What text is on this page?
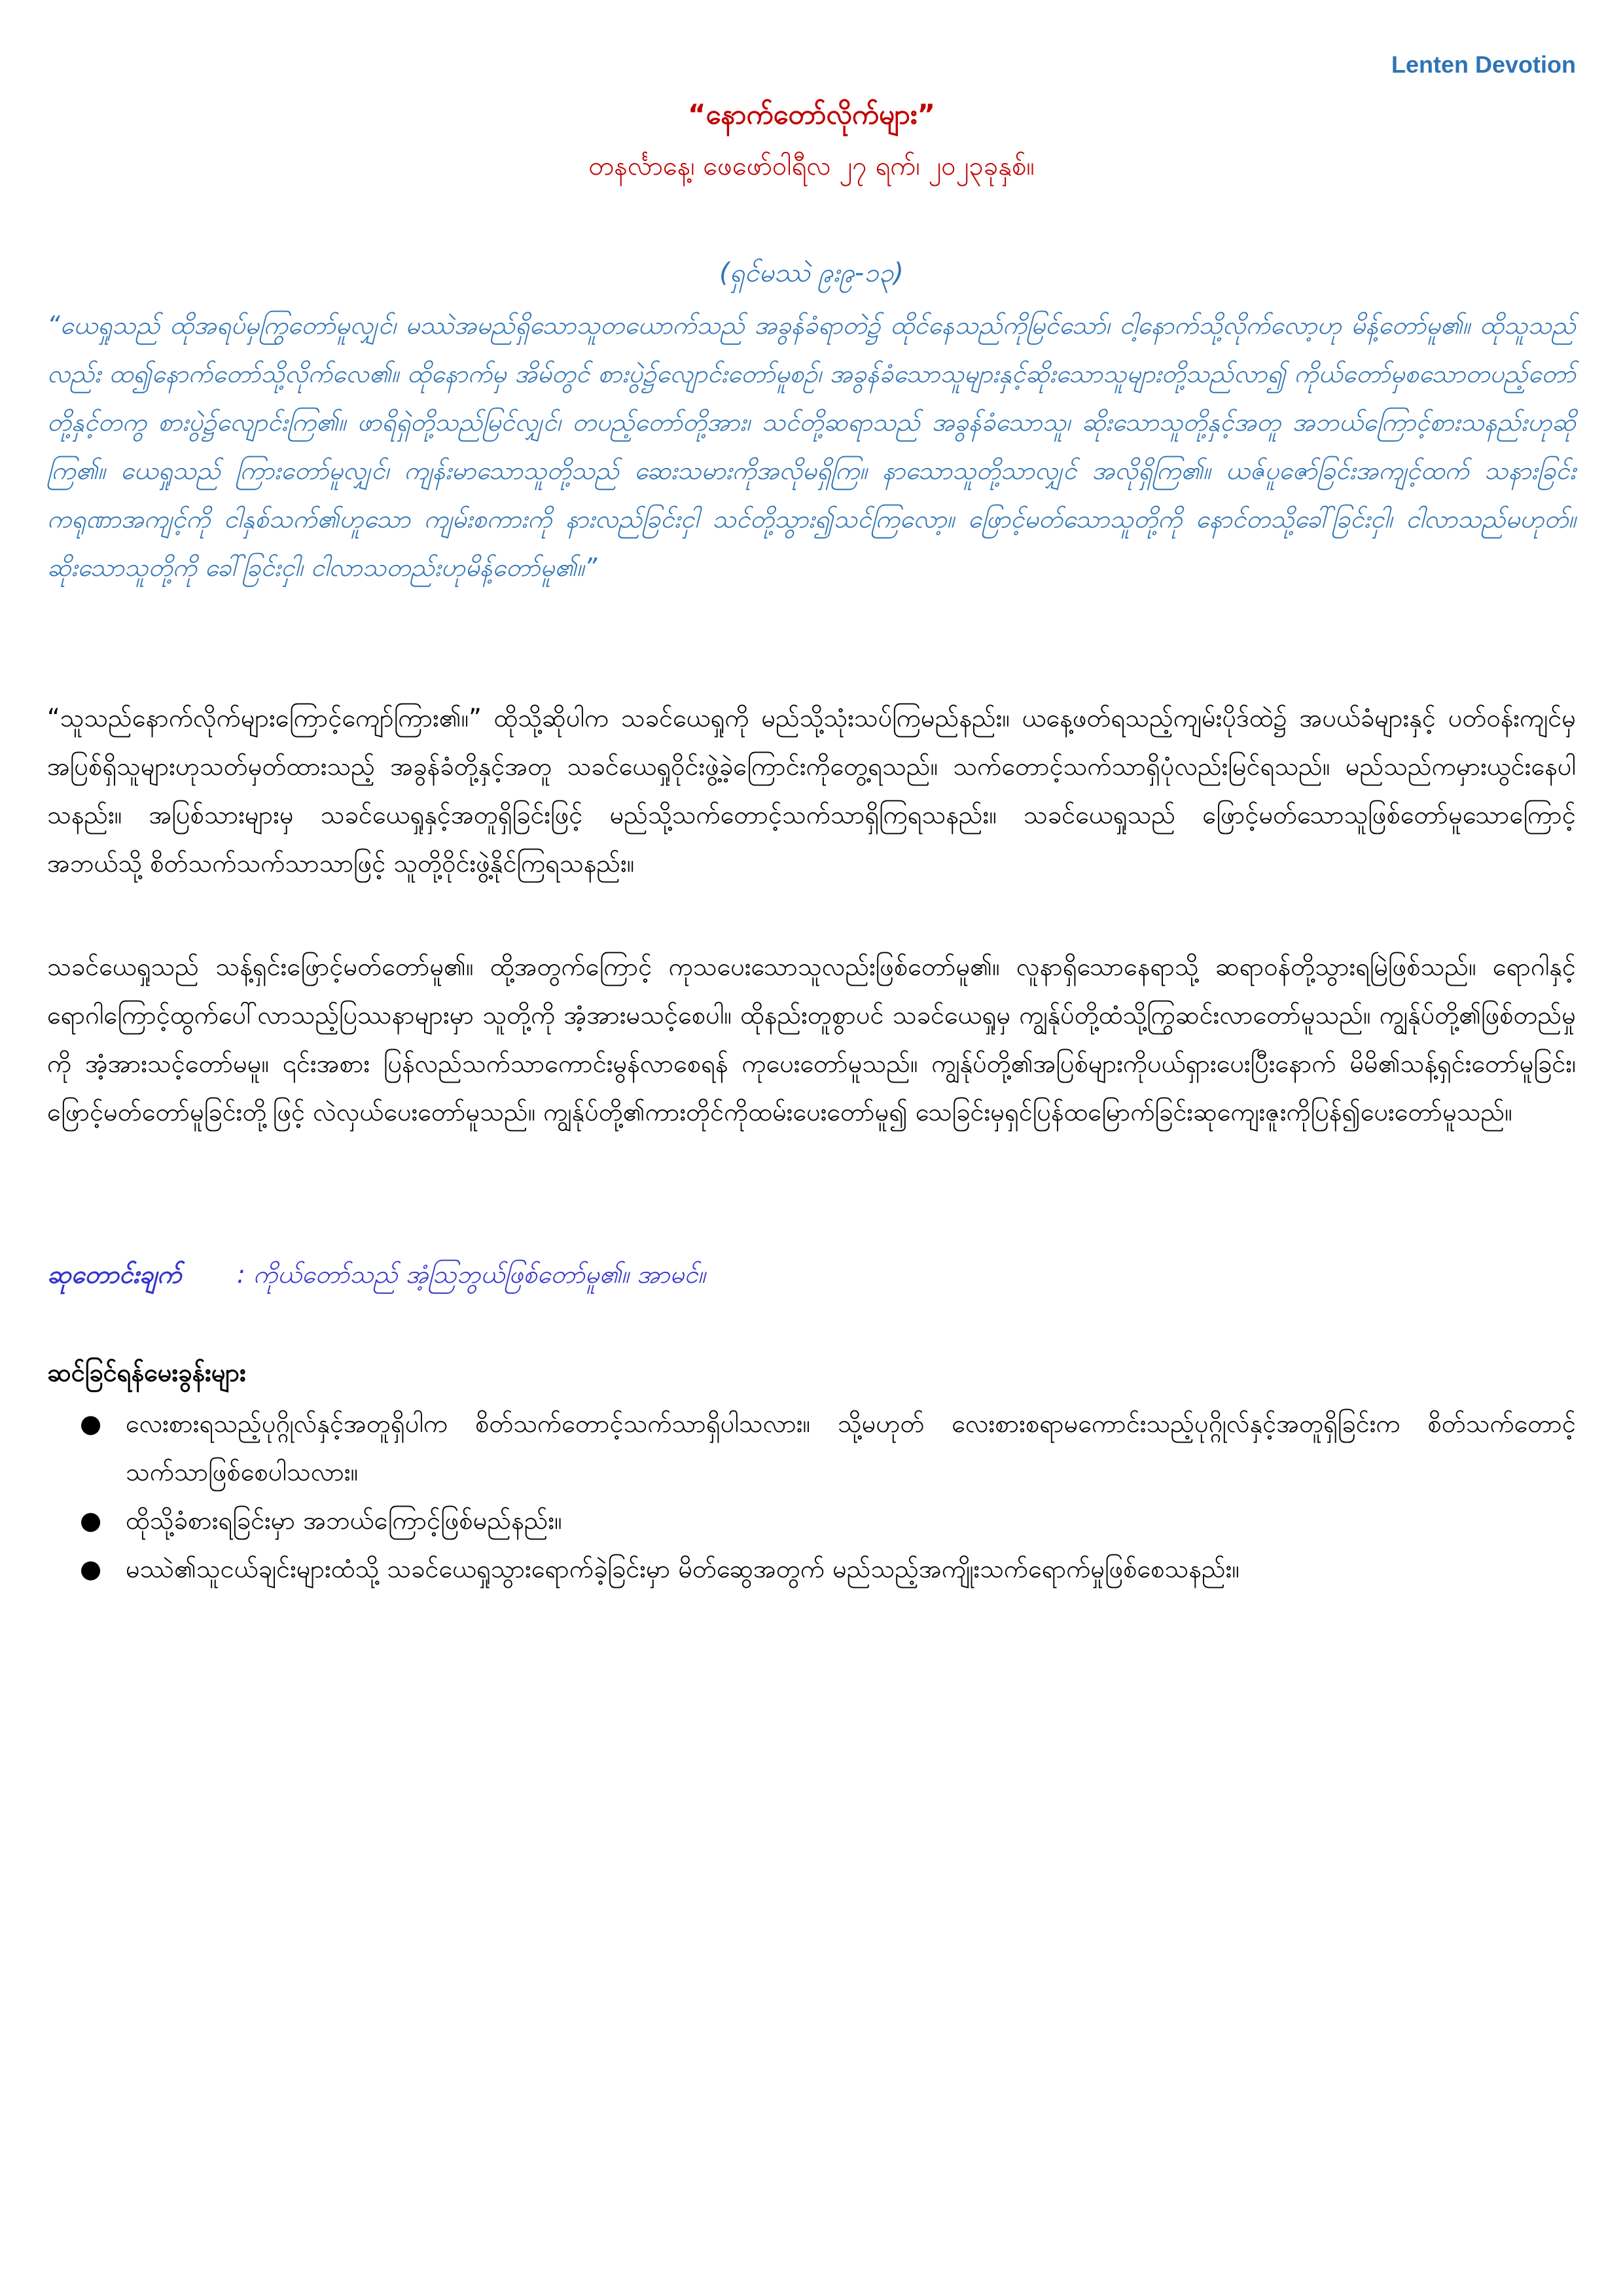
Lenten Devotion
“နောက်တော်လိုက်များ”
တနင်္လာနေ့၊ ဖေဖော်ဝါရီလ ၂၇ ရက်၊ ၂၀၂၃ခုနှစ်။
(ရှင်မဿဲ ၉း၉-၁၃)
“ယေရှုသည် ထိုအရပ်မှကြွတော်မူလျှင်၊ မဿဲအမည်ရှိသောသူတယောက်သည် အခွန်ခံရာတဲ၌ ထိုင်နေသည်ကိုမြင်သော်၊ ငါ့နောက်သို့လိုက်လော့ဟု မိန့်တော်မူ၏။ ထိုသူသည်လည်း ထ၍နောက်တော်သို့လိုက်လေ၏။ ထိုနောက်မှ အိမ်တွင် စားပွဲ၌လျောင်းတော်မူစဉ်၊ အခွန်ခံသောသူများနှင့်ဆိုးသောသူများတို့သည်လာ၍ ကိုယ်တော်မှစသောတပည့်တော်တို့နှင့်တကွ စားပွဲ၌လျောင်းကြ၏။ ဖာရိရှဲတို့သည်မြင်လျှင်၊ တပည့်တော်တို့အား၊ သင်တို့ဆရာသည် အခွန်ခံသောသူ၊ ဆိုးသောသူတို့နှင့်အတူ အဘယ်ကြောင့်စားသနည်းဟုဆိုကြ၏။ ယေရှုသည် ကြားတော်မူလျှင်၊ ကျန်းမာသောသူတို့သည် ဆေးသမားကိုအလိုမရှိကြ။ နာသောသူတို့သာလျှင် အလိုရှိကြ၏။ ယဇ်ပူဇော်ခြင်းအကျင့်ထက် သနားခြင်းကရုဏာအကျင့်ကို ငါနှစ်သက်၏ဟူသော ကျမ်းစကားကို နားလည်ခြင်းငှါ သင်တို့သွား၍သင်ကြလော့။ ဖြောင့်မတ်သောသူတို့ကို နောင်တသို့ခေါ်ခြင်းငှါ၊ ငါလာသည်မဟုတ်။ ဆိုးသောသူတို့ကို ခေါ်ခြင်းငှါ၊ ငါလာသတည်းဟုမိန့်တော်မူ၏။”
“သူသည်နောက်လိုက်များကြောင့်ကျော်ကြား၏။” ထိုသို့ဆိုပါက သခင်ယေရှုကို မည်သို့သုံးသပ်ကြမည်နည်း။ ယနေ့ဖတ်ရသည့်ကျမ်းပိုဒ်ထဲ၌ အပယ်ခံများနှင့် ပတ်ဝန်းကျင်မှအပြစ်ရှိသူများဟုသတ်မှတ်ထားသည့် အခွန်ခံတို့နှင့်အတူ သခင်ယေရှုဝိုင်းဖွဲ့ခဲ့ကြောင်းကိုတွေ့ရသည်။ သက်တောင့်သက်သာရှိပုံလည်းမြင်ရသည်။ မည်သည်ကမှားယွင်းနေပါသနည်း။ အပြစ်သားများမှ သခင်ယေရှုနှင့်အတူရှိခြင်းဖြင့် မည်သို့သက်တောင့်သက်သာရှိကြရသနည်း။ သခင်ယေရှုသည် ဖြောင့်မတ်သောသူဖြစ်တော်မူသောကြောင့် အဘယ်သို့ စိတ်သက်သက်သာသာဖြင့် သူတို့ဝိုင်းဖွဲ့နိုင်ကြရသနည်း။
သခင်ယေရှုသည် သန့်ရှင်းဖြောင့်မတ်တော်မူ၏။ ထို့အတွက်ကြောင့် ကုသပေးသောသူလည်းဖြစ်တော်မူ၏။ လူနာရှိသောနေရာသို့ ဆရာဝန်တို့သွားရမြဲဖြစ်သည်။ ရောဂါနှင့်ရောဂါကြောင့်ထွက်ပေါ်လာသည့်ပြဿနာများမှာ သူတို့ကို အံ့အားမသင့်စေပါ။ ထိုနည်းတူစွာပင် သခင်ယေရှုမှ ကျွန်ုပ်တို့ထံသို့ကြွဆင်းလာတော်မူသည်။ ကျွန်ုပ်တို့၏ဖြစ်တည်မှုကို အံ့အားသင့်တော်မမူ။ ၎င်းအစား ပြန်လည်သက်သာကောင်းမွန်လာစေရန် ကုပေးတော်မူသည်။ ကျွန်ုပ်တို့၏အပြစ်များကိုပယ်ရှားပေးပြီးနောက် မိမိ၏သန့်ရှင်းတော်မူခြင်း၊ ဖြောင့်မတ်တော်မူခြင်းတို့ဖြင့် လဲလှယ်ပေးတော်မူသည်။ ကျွန်ုပ်တို့၏ကားတိုင်ကိုထမ်းပေးတော်မူ၍ သေခြင်းမှရှင်ပြန်ထမြောက်ခြင်းဆုကျေးဇူးကိုပြန်၍ပေးတော်မူသည်။
ဆုတောင်းချက် : ကိုယ်တော်သည် အံ့သြဘွယ်ဖြစ်တော်မူ၏။ အာမင်။
ဆင်ခြင်ရန်မေးခွန်းများ
● လေးစားရသည့်ပုဂ္ဂိုလ်နှင့်အတူရှိပါက စိတ်သက်တောင့်သက်သာရှိပါသလား။ သို့မဟုတ် လေးစားစရာမကောင်းသည့်ပုဂ္ဂိုလ်နှင့်အတူရှိခြင်းက စိတ်သက်တောင့်သက်သာဖြစ်စေပါသလား။
● ထိုသို့ခံစားရခြင်းမှာ အဘယ်ကြောင့်ဖြစ်မည်နည်း။
● မဿဲ၏သူငယ်ချင်းများထံသို့ သခင်ယေရှုသွားရောက်ခဲ့ခြင်းမှာ မိတ်ဆွေအတွက် မည်သည့်အကျိုးသက်ရောက်မှုဖြစ်စေသနည်း။
